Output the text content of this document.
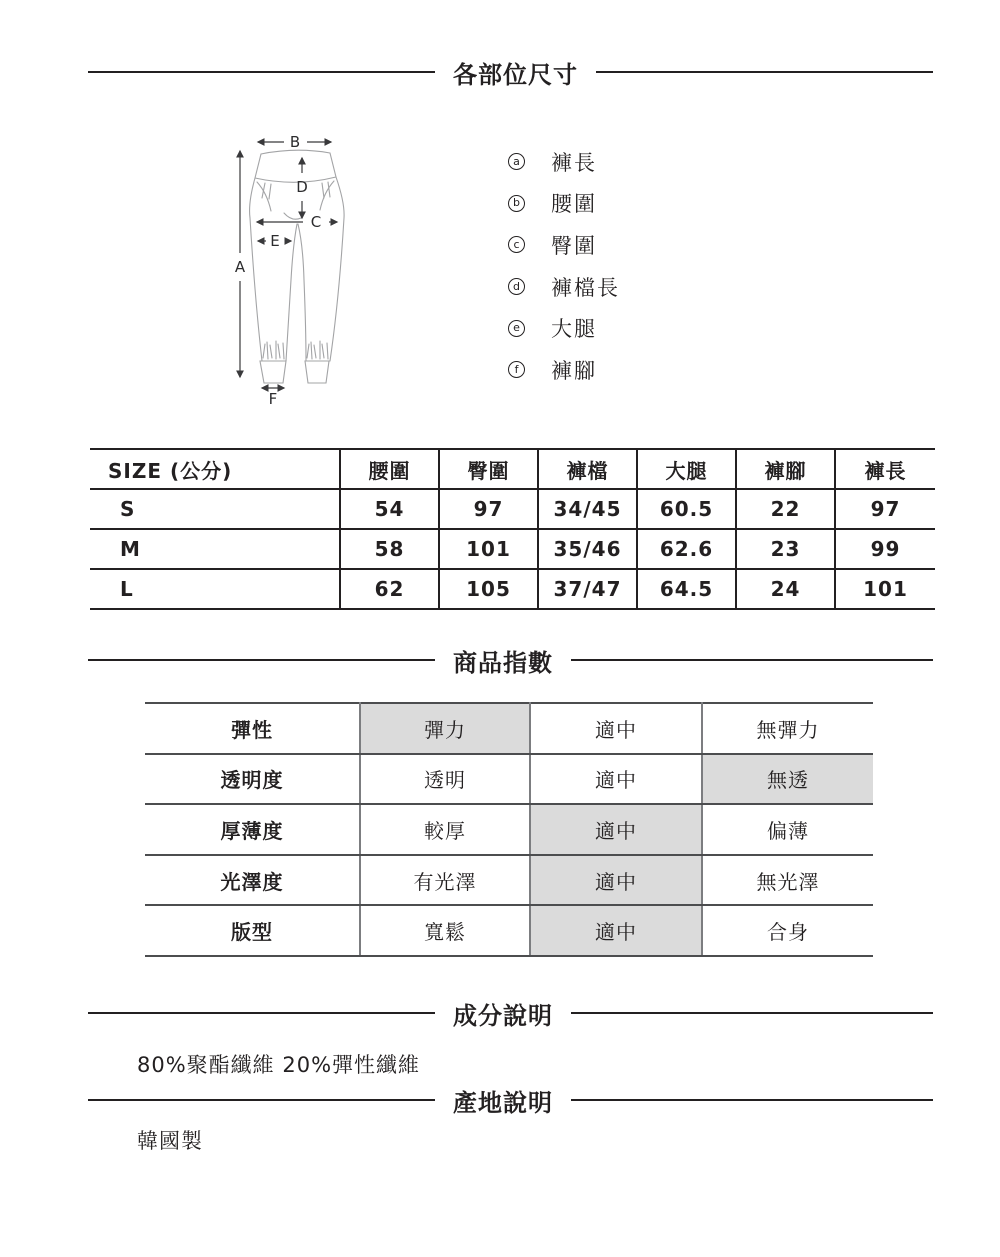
各部位尺寸
A
B
C
D
E
F
a 褲長
b 腰圍
c 臀圍
d 褲檔長
e 大腿
f	褲腳
SIZE (公分)	腰圍	臀圍	褲檔	大腿	褲腳	褲長
S	54	97	34/45	60.5	22	97
M	58	101	35/46	62.6	23	99
L	62	105	37/47	64.5	24	101
商品指數
彈性	彈力	適中	無彈力
透明度	透明	適中	無透
厚薄度	較厚	適中	偏薄
光澤度	有光澤	適中	無光澤
版型	寬鬆	適中	合身
成分說明
80%聚酯纖維 20%彈性纖維
產地說明
韓國製
